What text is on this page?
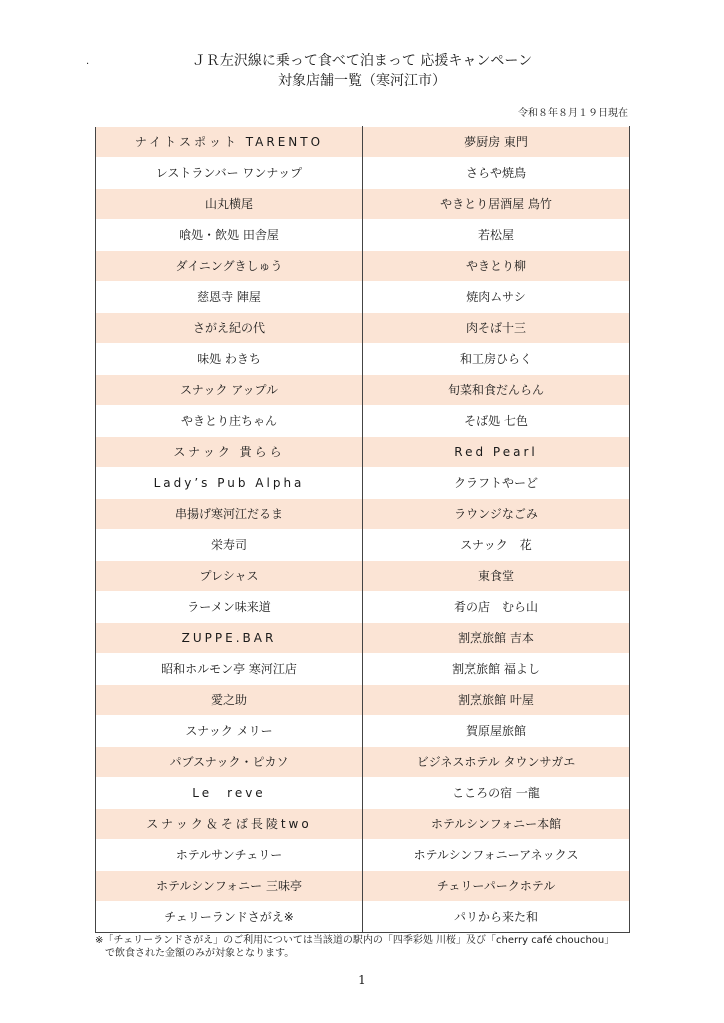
·	ＪＲ左沢線に乗って食べて泊まって 応援キャンペーン
対象店舗一覧（寒河江市）
令和８年８月１９日現在
ナイトスポット TARENTO	夢厨房 東門
レストランバー ワンナップ	さらや焼鳥
山丸横尾	やきとり居酒屋 鳥竹
喰処・飲処 田舎屋	若松屋
ダイニングきしゅう	やきとり柳
慈恩寺 陣屋	焼肉ムサシ
さがえ紀の代	肉そば十三
味処 わきち	和工房ひらく
スナック アップル	旬菜和食だんらん
やきとり庄ちゃん	そば処 七色
スナック 貴らら	Red Pearl
Lady’s Pub Alpha	クラフトやーど
串揚げ寒河江だるま	ラウンジなごみ
栄寿司	スナック　花
プレシャス	東食堂
ラーメン味来道	肴の店　むら山
ZUPPE.BAR	割烹旅館 吉本
昭和ホルモン亭 寒河江店	割烹旅館 福よし
愛之助	割烹旅館 叶屋
スナック メリー	賀原屋旅館
パブスナック・ピカソ	ビジネスホテル タウンサガエ
Le　reve	こころの宿 一龍
スナック＆そば長陵two	ホテルシンフォニー本館
ホテルサンチェリー	ホテルシンフォニーアネックス
ホテルシンフォニー 三味亭	チェリーパークホテル
チェリーランドさがえ※	パリから来た和
※「チェリーランドさがえ」のご利用については当該道の駅内の「四季彩処 川桜」及び「cherry café chouchou」
で飲食された金額のみが対象となります。
1
